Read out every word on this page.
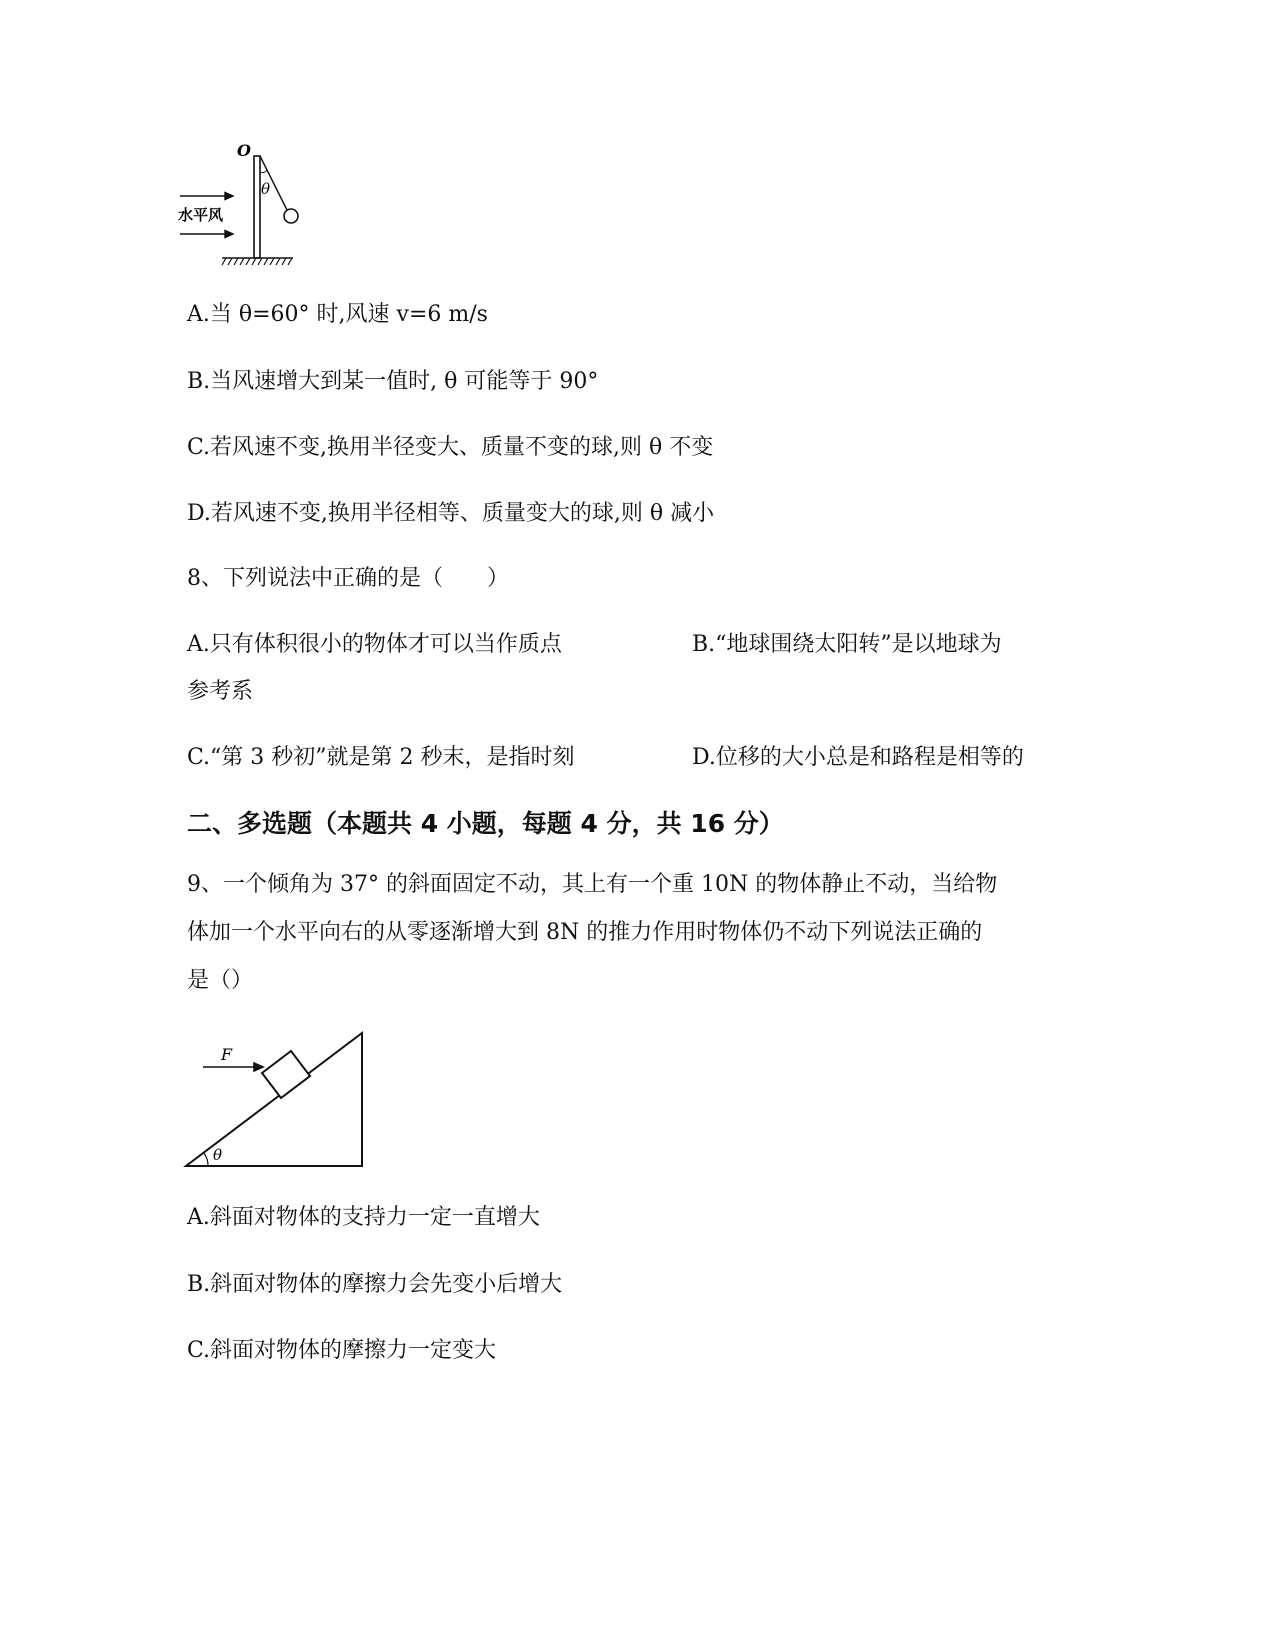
O
θ
水平风
A.当 θ=60° 时,风速 v=6 m/s
B.当风速增大到某一值时, θ 可能等于 90°
C.若风速不变,换用半径变大、质量不变的球,则 θ 不变
D.若风速不变,换用半径相等、质量变大的球,则 θ 减小
8、下列说法中正确的是（　　）
A.只有体积很小的物体才可以当作质点	B.“地球围绕太阳转”是以地球为
参考系
C.“第 3 秒初”就是第 2 秒末，是指时刻	D.位移的大小总是和路程是相等的
二、多选题（本题共 4 小题，每题 4 分，共 16 分）
9、一个倾角为 37° 的斜面固定不动，其上有一个重 10N 的物体静止不动，当给物
体加一个水平向右的从零逐渐增大到 8N 的推力作用时物体仍不动下列说法正确的
是（）
F
θ
A.斜面对物体的支持力一定一直增大
B.斜面对物体的摩擦力会先变小后增大
C.斜面对物体的摩擦力一定变大
